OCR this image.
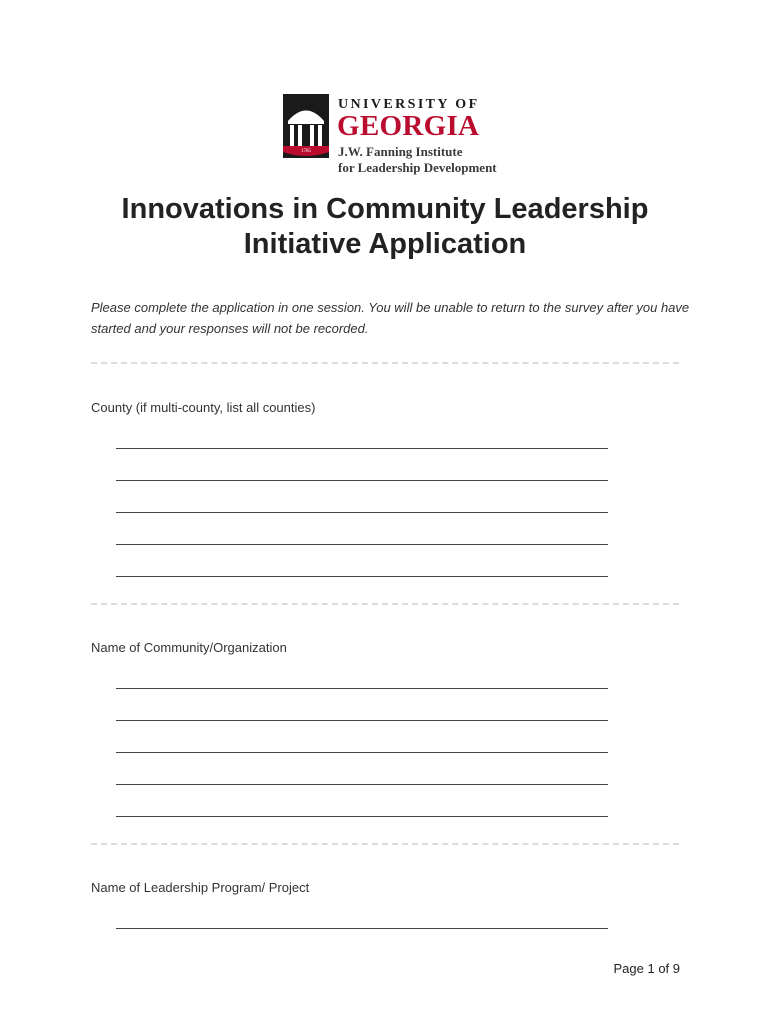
1785
UNIVERSITY OF
GEORGIA
J.W. Fanning Institute
for Leadership Development
Innovations in Community Leadership
Initiative Application
Please complete the application in one session. You will be unable to return to the survey after you have started and your responses will not be recorded.
County (if multi-county, list all counties)
Name of Community/Organization
Name of Leadership Program/ Project
Page 1 of 9
